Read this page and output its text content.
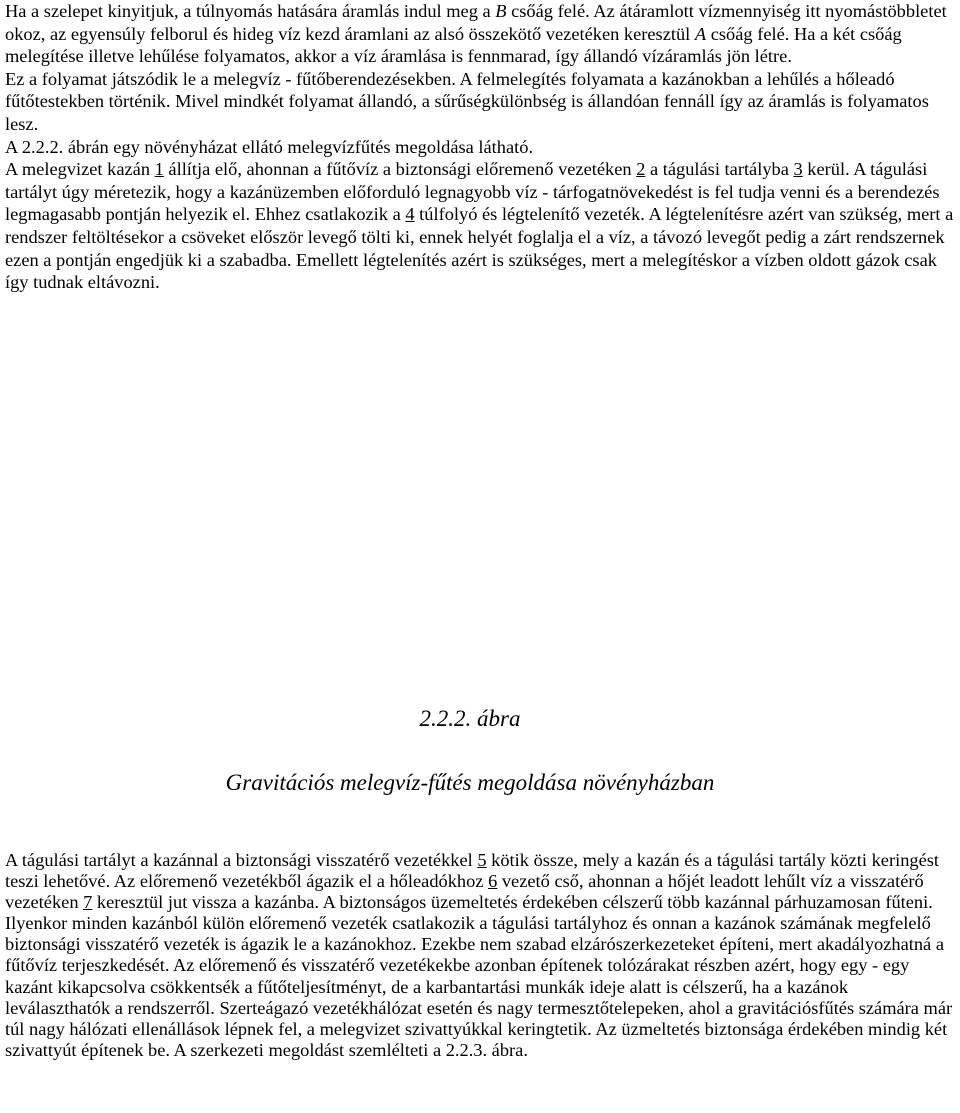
Ha a szelepet kinyitjuk, a túlnyomás hatására áramlás indul meg a B csőág felé. Az átáramlott vízmennyiség itt nyomástöbbletet okoz, az egyensúly felborul és hideg víz kezd áramlani az alsó összekötő vezetéken keresztül A csőág felé. Ha a két csőág melegítése illetve lehűlése folyamatos, akkor a víz áramlása is fennmarad, így állandó vízáramlás jön létre.

Ez a folyamat játszódik le a melegvíz - fűtőberendezésekben. A felmelegítés folyamata a kazánokban a lehűlés a hőleadó fűtőtestekben történik. Mivel mindkét folyamat állandó, a sűrűségkülönbség is állandóan fennáll így az áramlás is folyamatos lesz.

A 2.2.2. ábrán egy növényházat ellátó melegvízfűtés megoldása látható.

A melegvizet kazán 1 állítja elő, ahonnan a fűtővíz a biztonsági előremenő vezetéken 2 a tágulási tartályba 3 kerül. A tágulási tartályt úgy méretezik, hogy a kazánüzemben előforduló legnagyobb víz - tárfogatnövekedést is fel tudja venni és a berendezés legmagasabb pontján helyezik el. Ehhez csatlakozik a 4 túlfolyó és légtelenítő vezeték. A légtelenítésre azért van szükség, mert a rendszer feltöltésekor a csöveket először levegő tölti ki, ennek helyét foglalja el a víz, a távozó levegőt pedig a zárt rendszernek ezen a pontján engedjük ki a szabadba. Emellett légtelenítés azért is szükséges, mert a melegítéskor a vízben oldott gázok csak így tudnak eltávozni.

2.2.2. ábra
Gravitációs melegvíz-fűtés megoldása növényházban

A tágulási tartályt a kazánnal a biztonsági visszatérő vezetékkel 5 kötik össze, mely a kazán és a tágulási tartály közti keringést teszi lehetővé. Az előremenő vezetékből ágazik el a hőleadókhoz 6 vezető cső, ahonnan a hőjét leadott lehűlt víz a visszatérő vezetéken 7 keresztül jut vissza a kazánba. A biztonságos üzemeltetés érdekében célszerű több kazánnal párhuzamosan fűteni. Ilyenkor minden kazánból külön előremenő vezeték csatlakozik a tágulási tartályhoz és onnan a kazánok számának megfelelő biztonsági visszatérő vezeték is ágazik le a kazánokhoz. Ezekbe nem szabad elzárószerkezeteket építeni, mert akadályozhatná a fűtővíz terjeszkedését. Az előremenő és visszatérő vezetékekbe azonban építenek tolózárakat részben azért, hogy egy - egy kazánt kikapcsolva csökkentsék a fűtőteljesítményt, de a karbantartási munkák ideje alatt is célszerű, ha a kazánok leválaszthatók a rendszerről. Szerteágazó vezetékhálózat esetén és nagy termesztőtelepeken, ahol a gravitációsfűtés számára már túl nagy hálózati ellenállások lépnek fel, a melegvizet szivattyúkkal keringtetik. Az üzmeltetés biztonsága érdekében mindig két szivattyút építenek be. A szerkezeti megoldást szemlélteti a 2.2.3. ábra.
